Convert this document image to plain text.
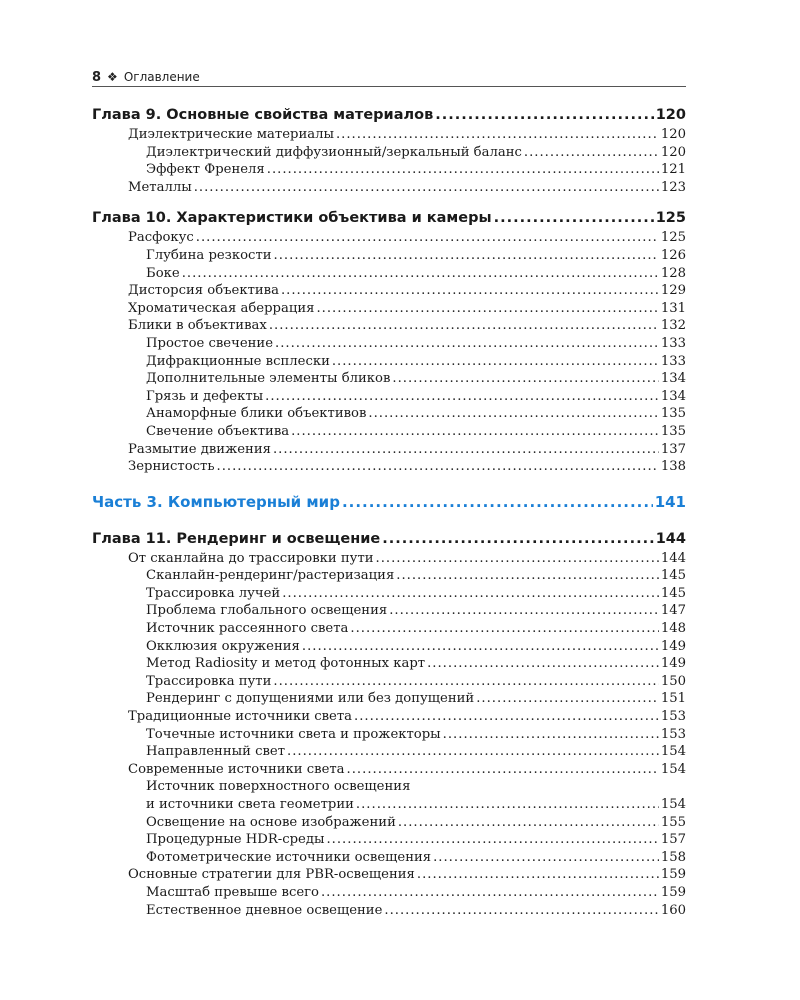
8 ❖ Оглавление
Глава 9. Основные свойства материалов .....	120
Диэлектрические материалы .....	120
Диэлектрический диффузионный/зеркальный баланс .....	120
Эффект Френеля .....	121
Металлы .....	123
Глава 10. Характеристики объектива и камеры .....	125
Расфокус .....	125
Глубина резкости .....	126
Боке .....	128
Дисторсия объектива .....	129
Хроматическая аберрация .....	131
Блики в объективах .....	132
Простое свечение .....	133
Дифракционные всплески .....	133
Дополнительные элементы бликов .....	134
Грязь и дефекты .....	134
Анаморфные блики объективов .....	135
Свечение объектива .....	135
Размытие движения .....	137
Зернистость .....	138
Часть 3. Компьютерный мир .....	141
Глава 11. Рендеринг и освещение .....	144
От сканлайна до трассировки пути .....	144
Сканлайн-рендеринг/растеризация .....	145
Трассировка лучей .....	145
Проблема глобального освещения .....	147
Источник рассеянного света .....	148
Окклюзия окружения .....	149
Метод Radiosity и метод фотонных карт .....	149
Трассировка пути .....	150
Рендеринг с допущениями или без допущений .....	151
Традиционные источники света .....	153
Точечные источники света и прожекторы .....	153
Направленный свет .....	154
Современные источники света .....	154
Источник поверхностного освещения
и источники света геометрии .....	154
Освещение на основе изображений .....	155
Процедурные HDR-среды .....	157
Фотометрические источники освещения .....	158
Основные стратегии для PBR-освещения .....	159
Масштаб превыше всего .....	159
Естественное дневное освещение .....	160
